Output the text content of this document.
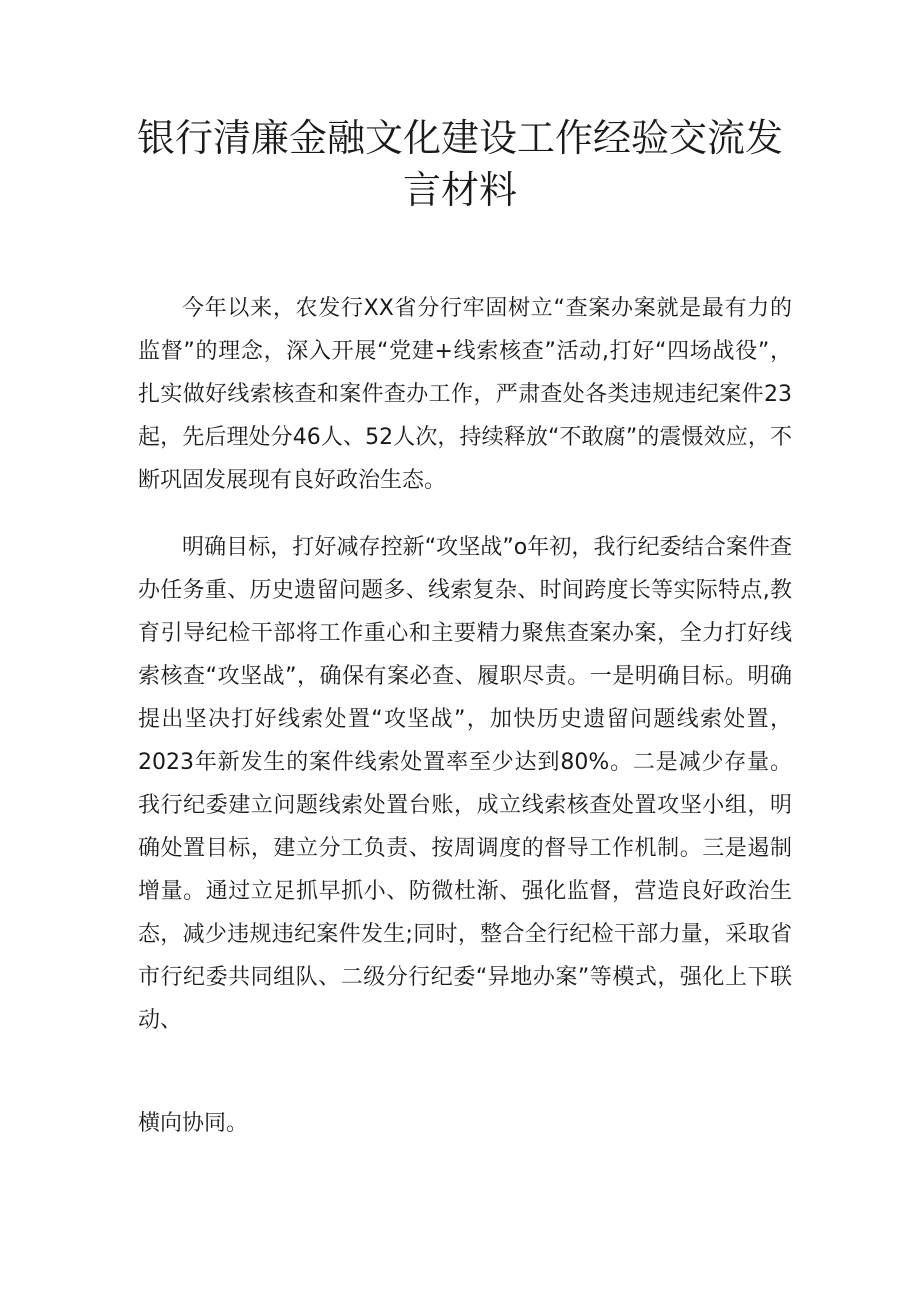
银行清廉金融文化建设工作经验交流发言材料

今年以来，农发行XX省分行牢固树立“查案办案就是最有力的监督”的理念，深入开展“党建+线索核查”活动,打好“四场战役”，扎实做好线索核查和案件查办工作，严肃查处各类违规违纪案件23起，先后理处分46人、52人次，持续释放“不敢腐”的震慑效应，不断巩固发展现有良好政治生态。

明确目标，打好减存控新“攻坚战”o年初，我行纪委结合案件查办任务重、历史遗留问题多、线索复杂、时间跨度长等实际特点,教育引导纪检干部将工作重心和主要精力聚焦查案办案，全力打好线索核查“攻坚战”，确保有案必查、履职尽责。一是明确目标。明确提出坚决打好线索处置“攻坚战”，加快历史遗留问题线索处置，2023年新发生的案件线索处置率至少达到80%。二是减少存量。我行纪委建立问题线索处置台账，成立线索核查处置攻坚小组，明确处置目标，建立分工负责、按周调度的督导工作机制。三是遏制增量。通过立足抓早抓小、防微杜渐、强化监督，营造良好政治生态，减少违规违纪案件发生;同时，整合全行纪检干部力量，采取省市行纪委共同组队、二级分行纪委“异地办案”等模式，强化上下联动、

横向协同。
